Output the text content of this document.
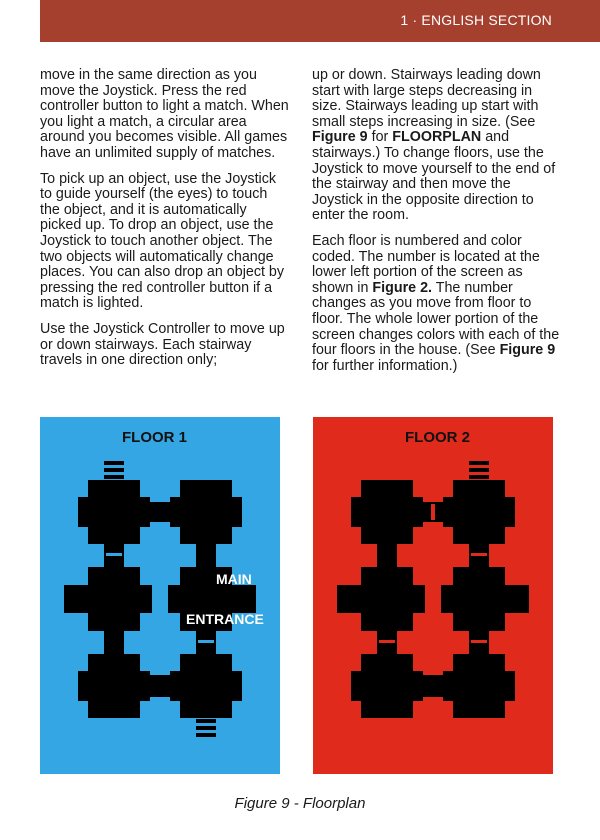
1 · ENGLISH SECTION

move in the same direction as you move the Joystick. Press the red controller button to light a match. When you light a match, a circular area around you becomes visible. All games have an unlimited supply of matches.

To pick up an object, use the Joystick to guide yourself (the eyes) to touch the object, and it is automatically picked up. To drop an object, use the Joystick to touch another object. The two objects will automatically change places. You can also drop an object by pressing the red controller button if a match is lighted.

Use the Joystick Controller to move up or down stairways. Each stairway travels in one direction only;

up or down. Stairways leading down start with large steps decreasing in size. Stairways leading up start with small steps increasing in size. (See Figure 9 for FLOORPLAN and stairways.) To change floors, use the Joystick to move yourself to the end of the stairway and then move the Joystick in the opposite direction to enter the room.

Each floor is numbered and color coded. The number is located at the lower left portion of the screen as shown in Figure 2. The number changes as you move from floor to floor. The whole lower portion of the screen changes colors with each of the four floors in the house. (See Figure 9 for further information.)

FLOOR 1
MAIN
ENTRANCE
FLOOR 2
Figure 9 - Floorplan
